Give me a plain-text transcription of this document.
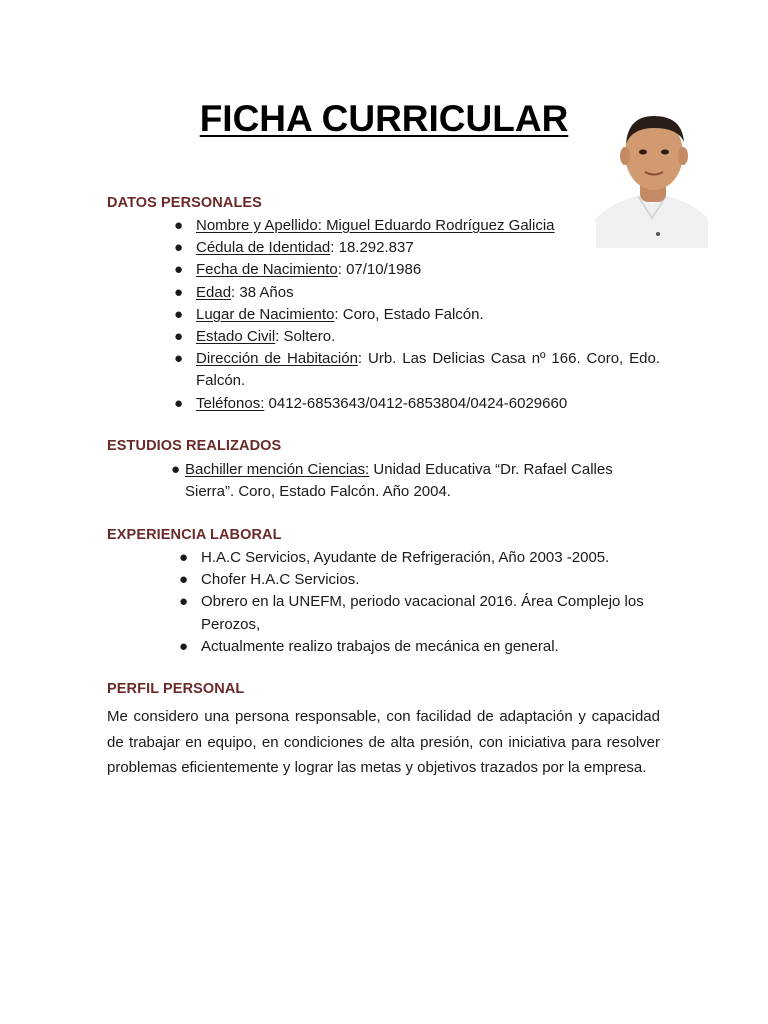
FICHA CURRICULAR
DATOS PERSONALES
● Nombre y Apellido: Miguel Eduardo Rodríguez Galicia
● Cédula de Identidad: 18.292.837
● Fecha de Nacimiento: 07/10/1986
● Edad: 38 Años
● Lugar de Nacimiento: Coro, Estado Falcón.
● Estado Civil: Soltero.
● Dirección de Habitación: Urb. Las Delicias Casa nº 166. Coro, Edo. Falcón.
● Teléfonos: 0412-6853643/0412-6853804/0424-6029660
ESTUDIOS REALIZADOS
● Bachiller mención Ciencias: Unidad Educativa “Dr. Rafael Calles Sierra”. Coro, Estado Falcón. Año 2004.
EXPERIENCIA LABORAL
● H.A.C Servicios, Ayudante de Refrigeración, Año 2003 -2005.
● Chofer H.A.C Servicios.
● Obrero en la UNEFM, periodo vacacional 2016. Área Complejo los Perozos,
● Actualmente realizo trabajos de mecánica en general.
PERFIL PERSONAL
Me considero una persona responsable, con facilidad de adaptación y capacidad de trabajar en equipo, en condiciones de alta presión, con iniciativa para resolver problemas eficientemente y lograr las metas y objetivos trazados por la empresa.
